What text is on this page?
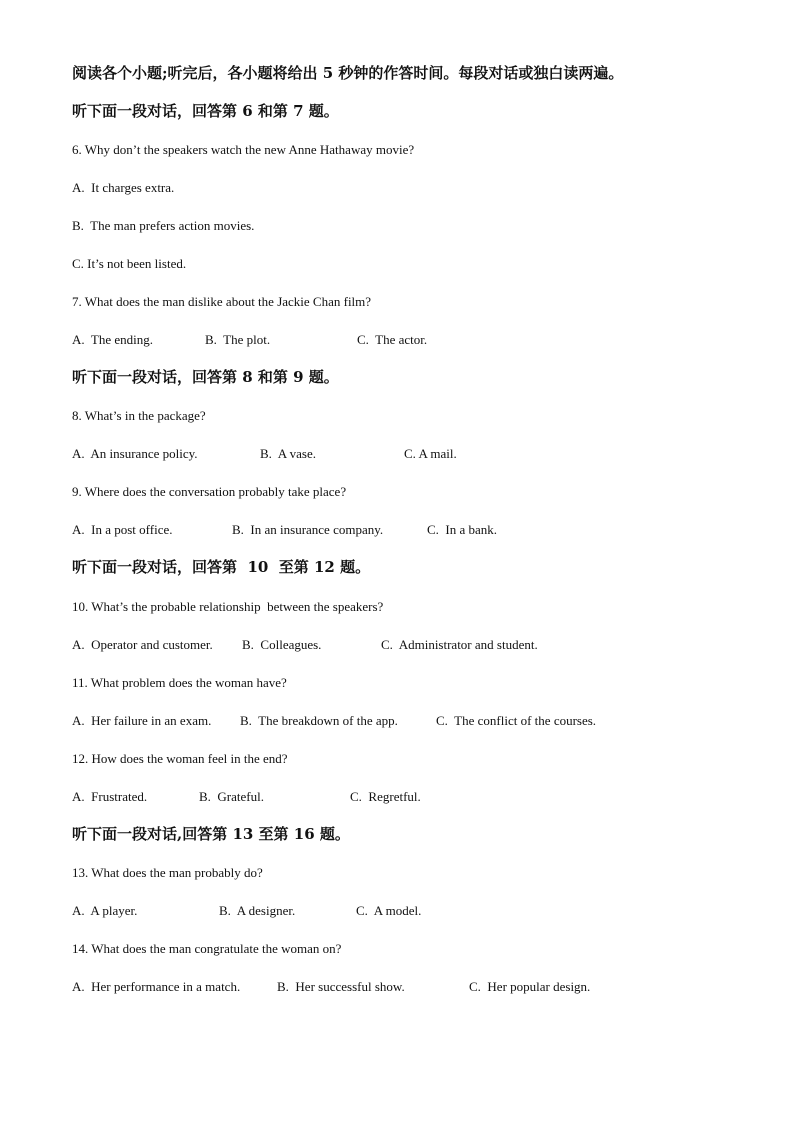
阅读各个小题;听完后，各小题将给出 5 秒钟的作答时间。每段对话或独白读两遍。
听下面一段对话，回答第 6 和第 7 题。
6. Why don’t the speakers watch the new Anne Hathaway movie?
A.  It charges extra.
B.  The man prefers action movies.
C. It’s not been listed.
7. What does the man dislike about the Jackie Chan film?
A.  The ending.	B.  The plot.	C.  The actor.
听下面一段对话，回答第 8 和第 9 题。
8. What’s in the package?
A.  An insurance policy.	B.  A vase.	C. A mail.
9. Where does the conversation probably take place?
A.  In a post office.	B.  In an insurance company.	C.  In a bank.
听下面一段对话，回答第  10  至第 12 题。
10. What’s the probable relationship  between the speakers?
A.  Operator and customer. B.  Colleagues.	C.  Administrator and student.
11. What problem does the woman have?
A.  Her failure in an exam. B.  The breakdown of the app.	C.  The conflict of the courses.
12. How does the woman feel in the end?
A.  Frustrated.	B.  Grateful.	C.  Regretful.
听下面一段对话,回答第 13 至第 16 题。
13. What does the man probably do?
A.  A player.	B.  A designer.	C.  A model.
14. What does the man congratulate the woman on?
A.  Her performance in a match.	B.  Her successful show.	C.  Her popular design.
